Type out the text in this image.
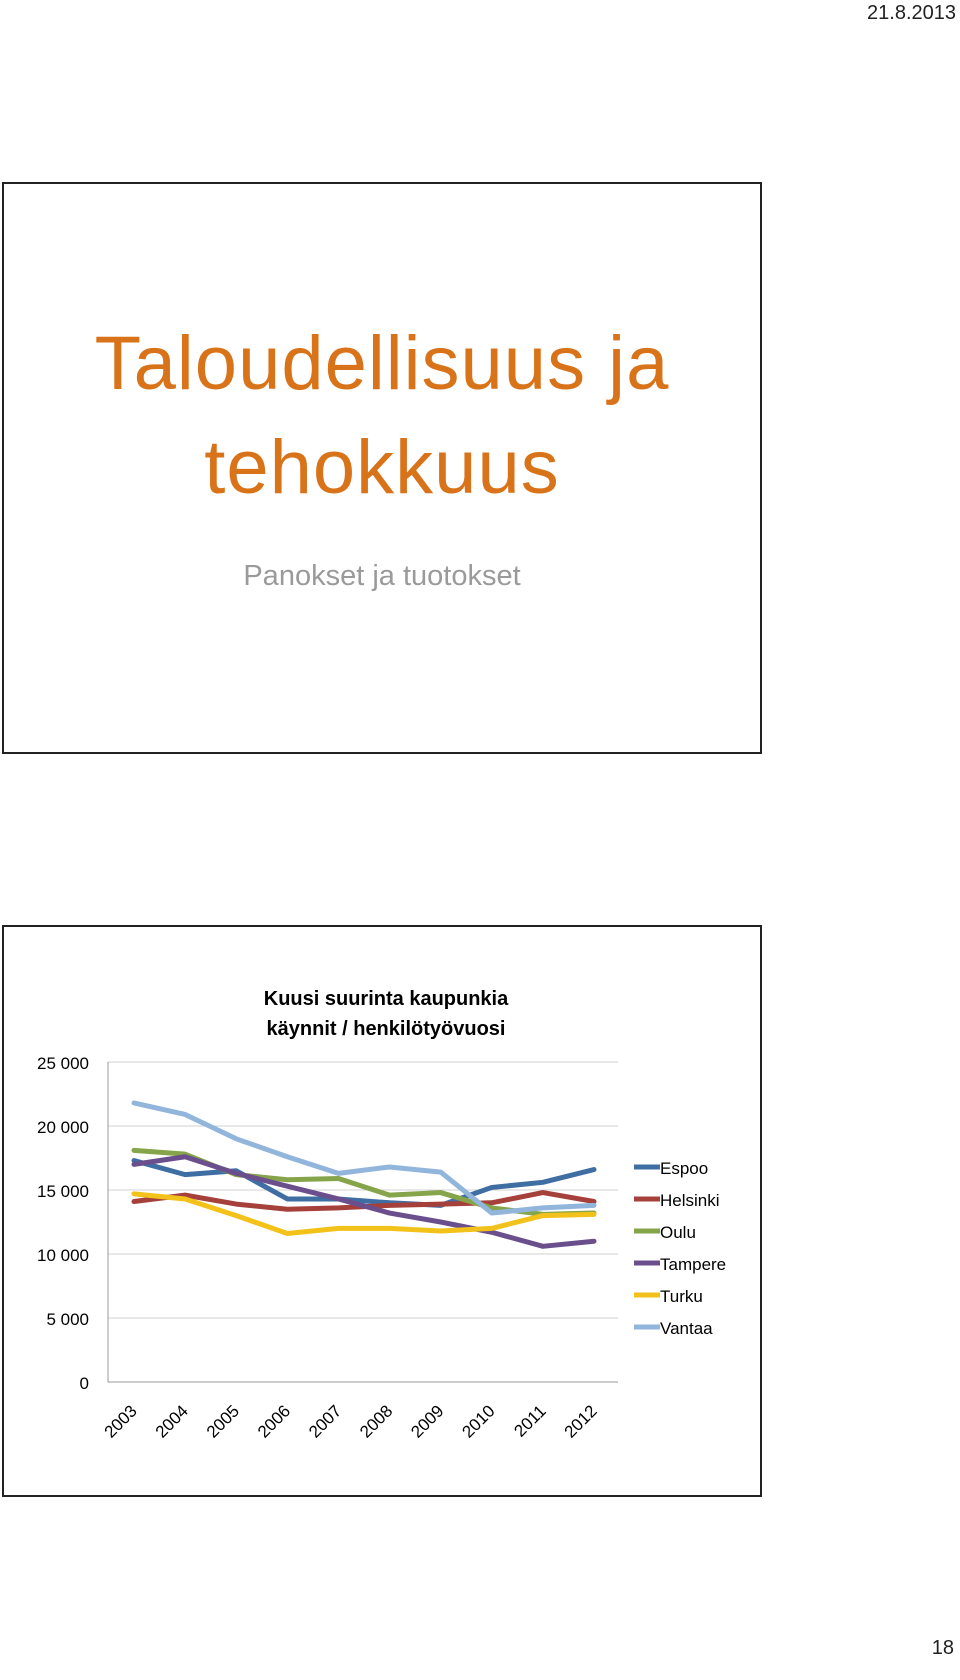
21.8.2013
Taloudellisuus ja
tehokkuus

Panokset ja tuotokset

Kuusi suurinta kaupunkia
käynnit / henkilötyövuosi
0
5 000
10 000
15 000
20 000
25 000
2003 2004 2005 2006 2007 2008 2009 2010 2011 2012
Espoo
Helsinki
Oulu
Tampere
Turku
Vantaa
18
